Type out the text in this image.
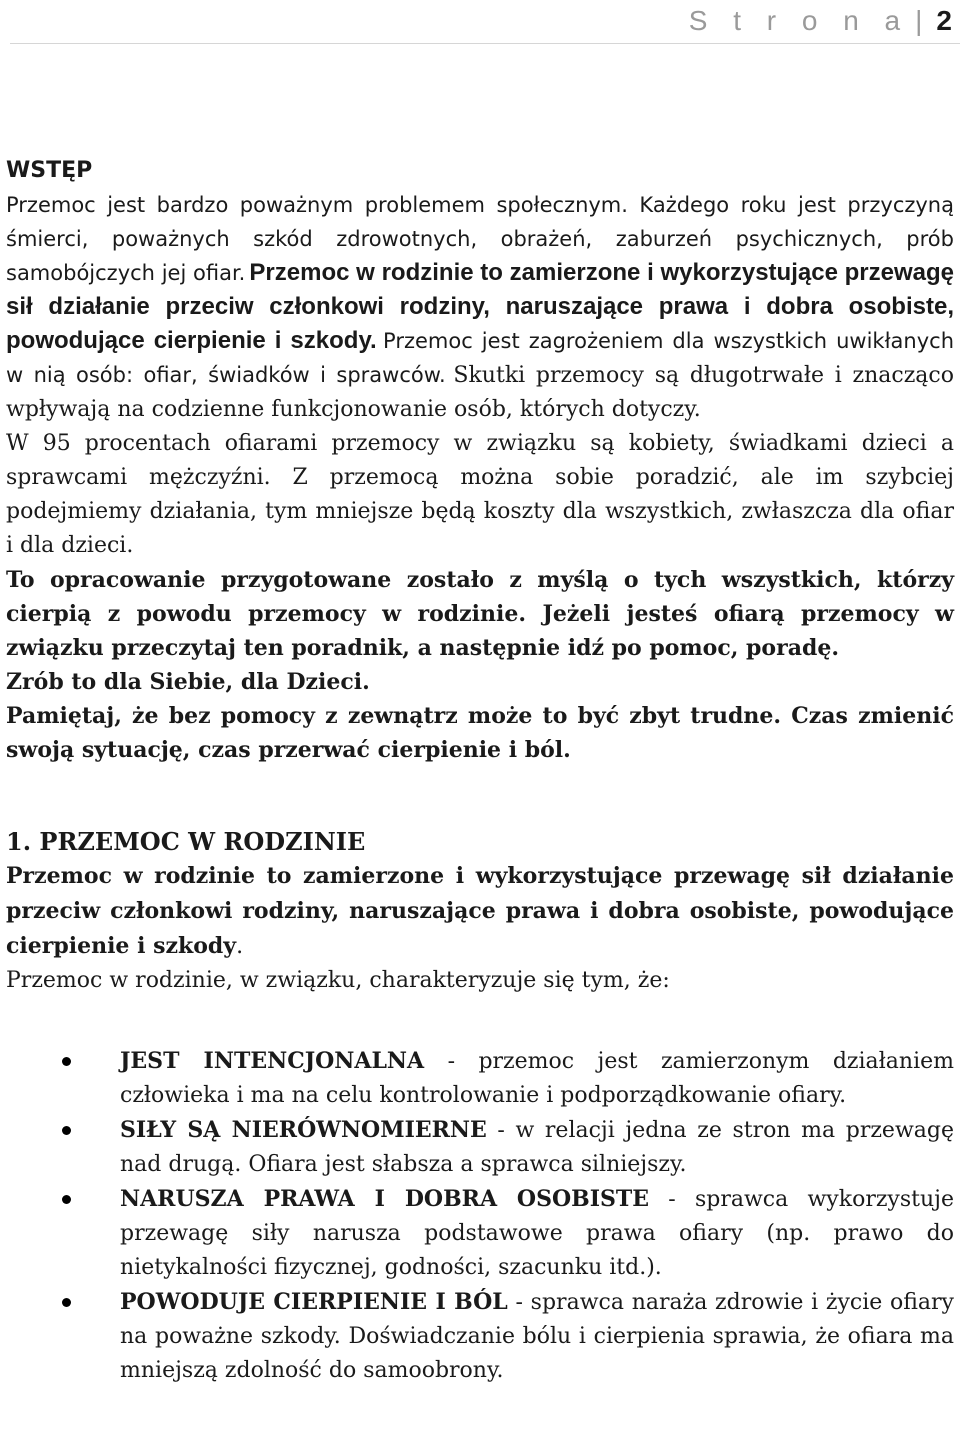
S t r o n a | 2
WSTĘP

Przemoc jest bardzo poważnym problemem społecznym. Każdego roku jest przyczyną śmierci, poważnych szkód zdrowotnych, obrażeń, zaburzeń psychicznych, prób samobójczych jej ofiar. Przemoc w rodzinie to zamierzone i wykorzystujące przewagę sił działanie przeciw członkowi rodziny, naruszające prawa i dobra osobiste, powodujące cierpienie i szkody. Przemoc jest zagrożeniem dla wszystkich uwikłanych w nią osób: ofiar, świadków i sprawców. Skutki przemocy są długotrwałe i znacząco wpływają na codzienne funkcjonowanie osób, których dotyczy.

W 95 procentach ofiarami przemocy w związku są kobiety, świadkami dzieci a sprawcami mężczyźni. Z przemocą można sobie poradzić, ale im szybciej podejmiemy działania, tym mniejsze będą koszty dla wszystkich, zwłaszcza dla ofiar i dla dzieci.

To opracowanie przygotowane zostało z myślą o tych wszystkich, którzy cierpią z powodu przemocy w rodzinie. Jeżeli jesteś ofiarą przemocy w związku przeczytaj ten poradnik, a następnie idź po pomoc, poradę.

Zrób to dla Siebie, dla Dzieci.

Pamiętaj, że bez pomocy z zewnątrz może to być zbyt trudne. Czas zmienić swoją sytuację, czas przerwać cierpienie i ból.

1. PRZEMOC W RODZINIE

Przemoc w rodzinie to zamierzone i wykorzystujące przewagę sił działanie przeciw członkowi rodziny, naruszające prawa i dobra osobiste, powodujące cierpienie i szkody.

Przemoc w rodzinie, w związku, charakteryzuje się tym, że:

JEST INTENCJONALNA - przemoc jest zamierzonym działaniem człowieka i ma na celu kontrolowanie i podporządkowanie ofiary.
SIŁY SĄ NIERÓWNOMIERNE - w relacji jedna ze stron ma przewagę nad drugą. Ofiara jest słabsza a sprawca silniejszy.
NARUSZA PRAWA I DOBRA OSOBISTE - sprawca wykorzystuje przewagę siły narusza podstawowe prawa ofiary (np. prawo do nietykalności fizycznej, godności, szacunku itd.).
POWODUJE CIERPIENIE I BÓL - sprawca naraża zdrowie i życie ofiary na poważne szkody. Doświadczanie bólu i cierpienia sprawia, że ofiara ma mniejszą zdolność do samoobrony.
